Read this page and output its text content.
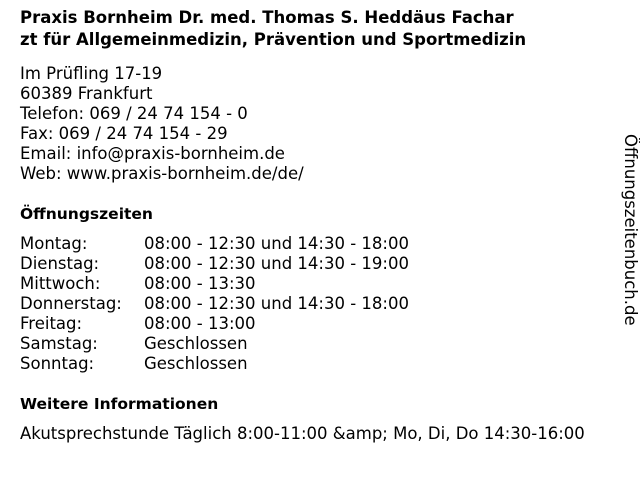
Praxis Bornheim Dr. med. Thomas S. Heddäus Fachar
zt für Allgemeinmedizin, Prävention und Sportmedizin
Im Prüfling 17-19
60389 Frankfurt
Telefon: 069 / 24 74 154 - 0
Fax: 069 / 24 74 154 - 29
Email: info@praxis-bornheim.de
Web: www.praxis-bornheim.de/de/
Öffnungszeiten
Montag:	08:00 - 12:30 und 14:30 - 18:00
Dienstag:	08:00 - 12:30 und 14:30 - 19:00
Mittwoch:	08:00 - 13:30
Donnerstag: 08:00 - 12:30 und 14:30 - 18:00
Freitag:	08:00 - 13:00
Samstag:	Geschlossen
Sonntag:	Geschlossen
Weitere Informationen
Akutsprechstunde Täglich 8:00-11:00 &amp; Mo, Di, Do 14:30-16:00
Öffnungszeitenbuch.de
